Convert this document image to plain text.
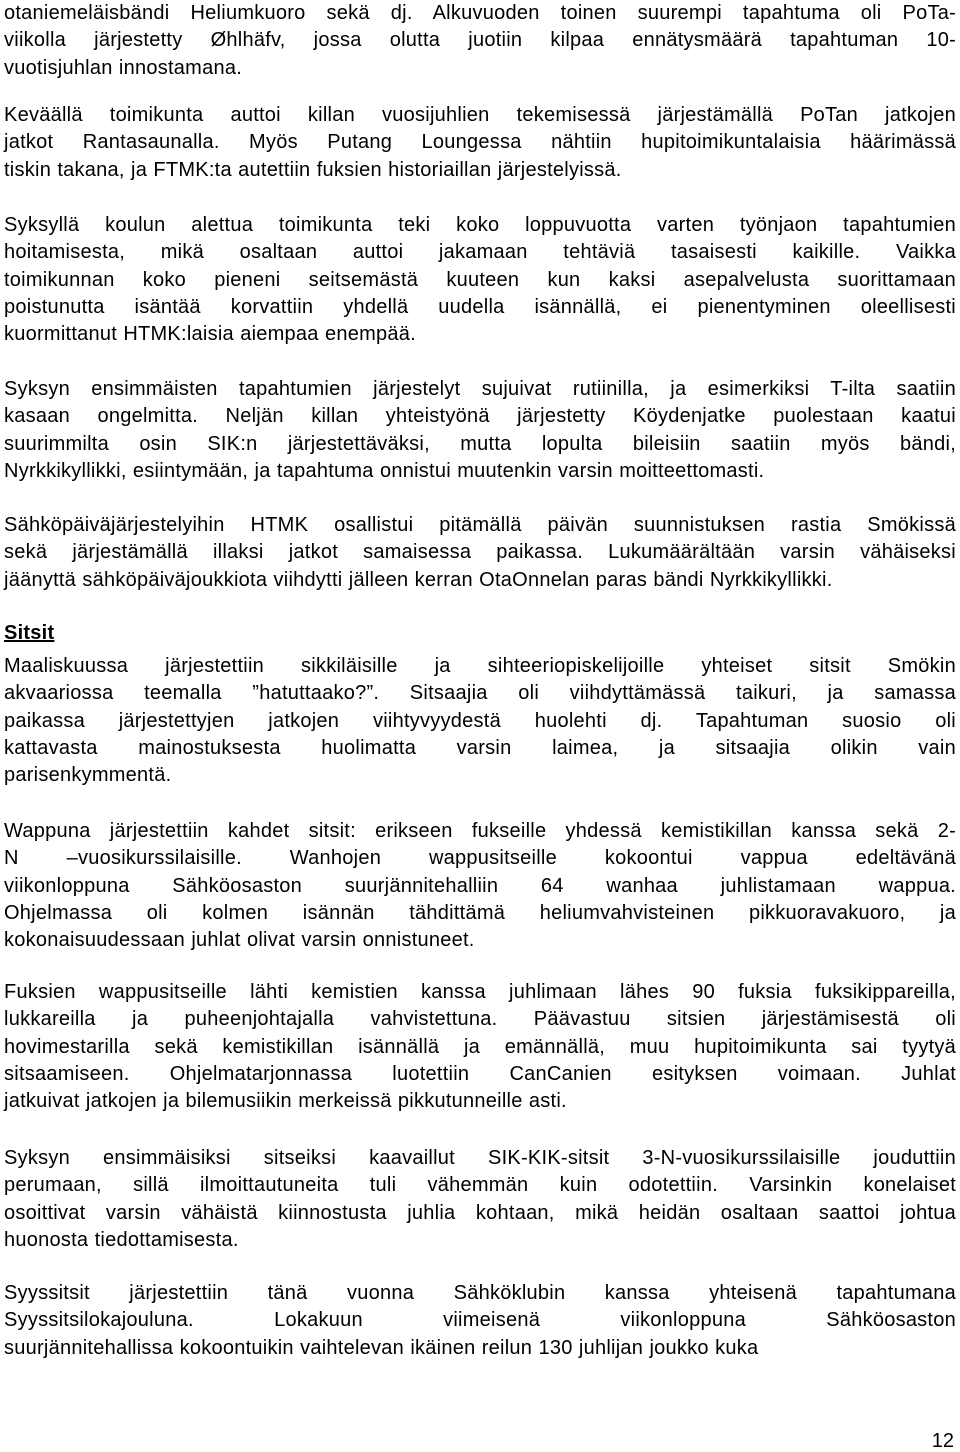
otaniemeläisbändi Heliumkuoro sekä dj. Alkuvuoden toinen suurempi tapahtuma oli PoTa-
viikolla järjestetty Øhlhäfv, jossa olutta juotiin kilpaa ennätysmäärä tapahtuman 10-
vuotisjuhlan innostamana.
Keväällä toimikunta auttoi killan vuosijuhlien tekemisessä järjestämällä PoTan jatkojen
jatkot Rantasaunalla. Myös Putang Loungessa nähtiin hupitoimikuntalaisia häärimässä
tiskin takana, ja FTMK:ta autettiin fuksien historiaillan järjestelyissä.
Syksyllä koulun alettua toimikunta teki koko loppuvuotta varten työnjaon tapahtumien
hoitamisesta, mikä osaltaan auttoi jakamaan tehtäviä tasaisesti kaikille. Vaikka
toimikunnan koko pieneni seitsemästä kuuteen kun kaksi asepalvelusta suorittamaan
poistunutta isäntää korvattiin yhdellä uudella isännällä, ei pienentyminen oleellisesti
kuormittanut HTMK:laisia aiempaa enempää.
Syksyn ensimmäisten tapahtumien järjestelyt sujuivat rutiinilla, ja esimerkiksi T-ilta saatiin
kasaan ongelmitta. Neljän killan yhteistyönä järjestetty Köydenjatke puolestaan kaatui
suurimmilta osin SIK:n järjestettäväksi, mutta lopulta bileisiin saatiin myös bändi,
Nyrkkikyllikki, esiintymään, ja tapahtuma onnistui muutenkin varsin moitteettomasti.
Sähköpäiväjärjestelyihin HTMK osallistui pitämällä päivän suunnistuksen rastia Smökissä
sekä järjestämällä illaksi jatkot samaisessa paikassa. Lukumäärältään varsin vähäiseksi
jäänyttä sähköpäiväjoukkiota viihdytti jälleen kerran OtaOnnelan paras bändi Nyrkkikyllikki.
Sitsit
Maaliskuussa järjestettiin sikkiläisille ja sihteeriopiskelijoille yhteiset sitsit Smökin
akvaariossa teemalla ”hatuttaako?”. Sitsaajia oli viihdyttämässä taikuri, ja samassa
paikassa järjestettyjen jatkojen viihtyvyydestä huolehti dj. Tapahtuman suosio oli
kattavasta mainostuksesta huolimatta varsin laimea, ja sitsaajia olikin vain
parisenkymmentä.
Wappuna järjestettiin kahdet sitsit: erikseen fukseille yhdessä kemistikillan kanssa sekä 2-
N –vuosikurssilaisille. Wanhojen wappusitseille kokoontui vappua edeltävänä
viikonloppuna Sähköosaston suurjännitehalliin 64 wanhaa juhlistamaan wappua.
Ohjelmassa oli kolmen isännän tähdittämä heliumvahvisteinen pikkuoravakuoro, ja
kokonaisuudessaan juhlat olivat varsin onnistuneet.
Fuksien wappusitseille lähti kemistien kanssa juhlimaan lähes 90 fuksia fuksikippareilla,
lukkareilla ja puheenjohtajalla vahvistettuna. Päävastuu sitsien järjestämisestä oli
hovimestarilla sekä kemistikillan isännällä ja emännällä, muu hupitoimikunta sai tyytyä
sitsaamiseen. Ohjelmatarjonnassa luotettiin CanCanien esityksen voimaan. Juhlat
jatkuivat jatkojen ja bilemusiikin merkeissä pikkutunneille asti.
Syksyn ensimmäisiksi sitseiksi kaavaillut SIK-KIK-sitsit 3-N-vuosikurssilaisille jouduttiin
perumaan, sillä ilmoittautuneita tuli vähemmän kuin odotettiin. Varsinkin konelaiset
osoittivat varsin vähäistä kiinnostusta juhlia kohtaan, mikä heidän osaltaan saattoi johtua
huonosta tiedottamisesta.
Syyssitsit järjestettiin tänä vuonna Sähköklubin kanssa yhteisenä tapahtumana
Syyssitsilokajouluna. Lokakuun viimeisenä viikonloppuna Sähköosaston
suurjännitehallissa kokoontuikin vaihtelevan ikäinen reilun 130 juhlijan joukko kuka
12
